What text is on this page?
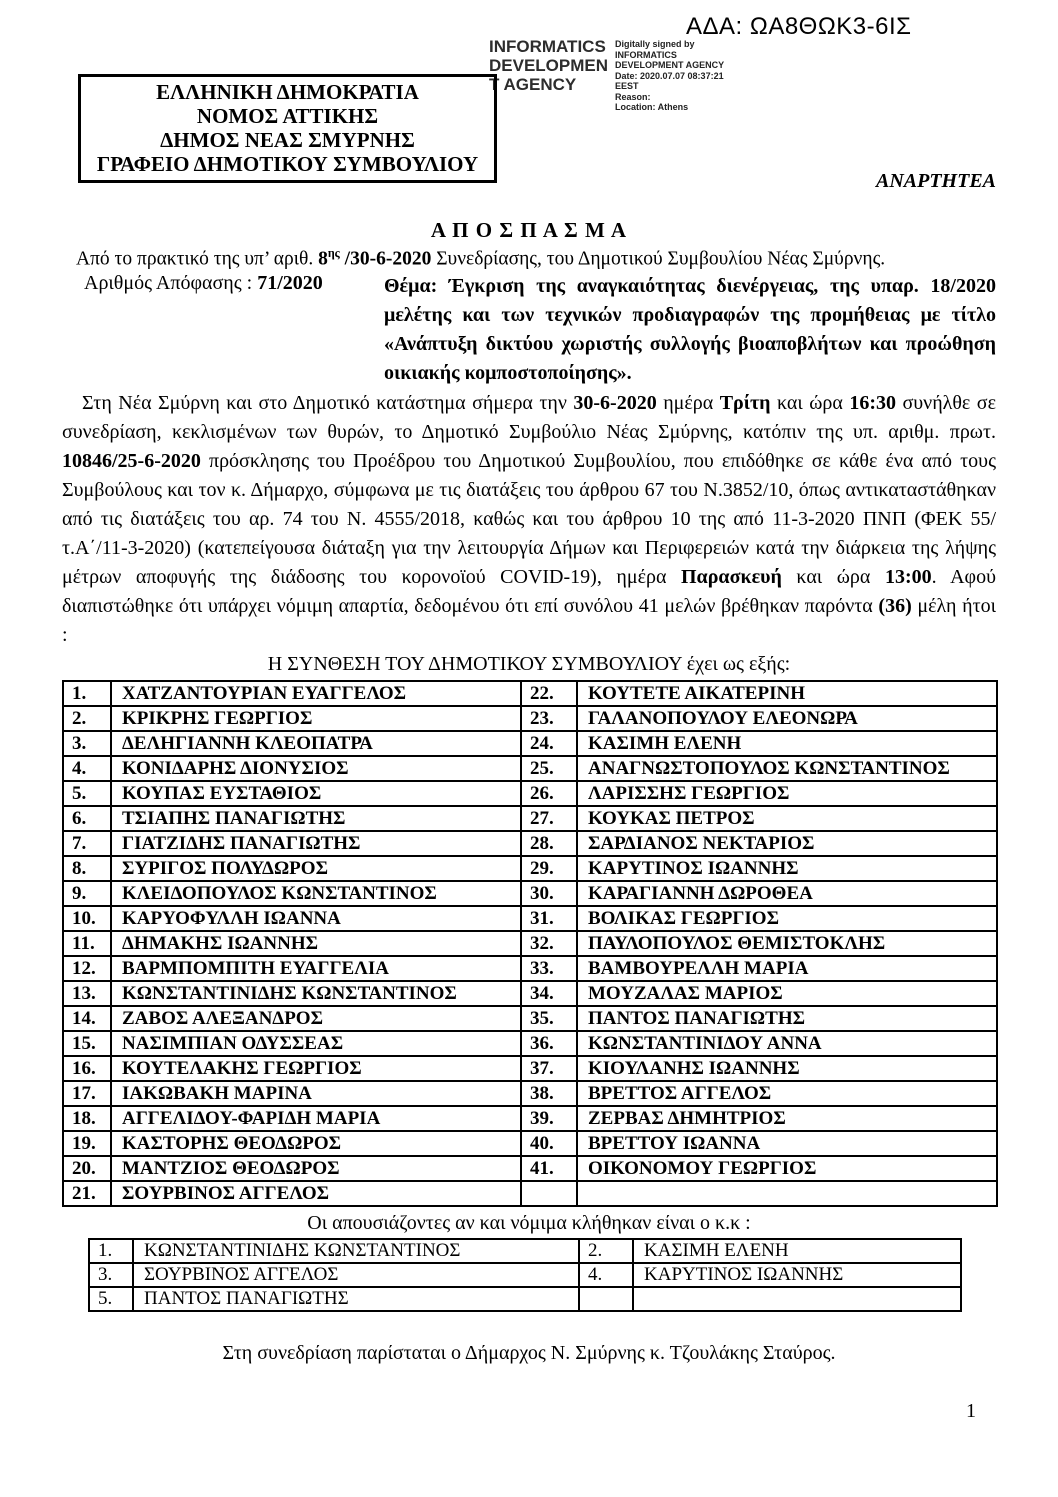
ΑΔΑ: ΩΑ8ΘΩΚ3-6ΙΣ
INFORMATICS
DEVELOPMEN
T AGENCY
Digitally signed by
INFORMATICS
DEVELOPMENT AGENCY
Date: 2020.07.07 08:37:21
EEST
Reason:
Location: Athens
ΕΛΛΗΝΙΚΗ ΔΗΜΟΚΡΑΤΙΑ
ΝΟΜΟΣ ΑΤΤΙΚΗΣ
ΔΗΜΟΣ ΝΕΑΣ ΣΜΥΡΝΗΣ
ΓΡΑΦΕΙΟ ΔΗΜΟΤΙΚΟΥ ΣΥΜΒΟΥΛΙΟΥ
ΑΝΑΡΤΗΤΕΑ
Α Π Ο Σ Π Α Σ Μ Α
Από το πρακτικό της υπ’ αριθ. $8^{\eta\varsigma}$ /30-6-2020 Συνεδρίασης, του Δημοτικού Συμβουλίου Νέας Σμύρνης.
Αριθμός Απόφασης : 71/2020	Θέμα: Έγκριση της αναγκαιότητας διενέργειας, της υπαρ. 18/2020 μελέτης και των τεχνικών προδιαγραφών της προμήθειας με τίτλο «Ανάπτυξη δικτύου χωριστής συλλογής βιοαποβλήτων και προώθηση οικιακής κομποστοποίησης».
Στη Νέα Σμύρνη και στο Δημοτικό κατάστημα σήμερα την 30-6-2020 ημέρα Τρίτη και ώρα 16:30 συνήλθε σε συνεδρίαση, κεκλισμένων των θυρών, το Δημοτικό Συμβούλιο Νέας Σμύρνης, κατόπιν της υπ. αριθμ. πρωτ. 10846/25-6-2020 πρόσκλησης του Προέδρου του Δημοτικού Συμβουλίου, που επιδόθηκε σε κάθε ένα από τους Συμβούλους και τον κ. Δήμαρχο, σύμφωνα με τις διατάξεις του άρθρου 67 του Ν.3852/10, όπως αντικαταστάθηκαν από τις διατάξεις του αρ. 74 του Ν. 4555/2018, καθώς και του άρθρου 10 της από 11-3-2020 ΠΝΠ (ΦΕΚ 55/τ.Α΄/11-3-2020) (κατεπείγουσα διάταξη για την λειτουργία Δήμων και Περιφερειών κατά την διάρκεια της λήψης μέτρων αποφυγής της διάδοσης του κορονοϊού COVID-19), ημέρα Παρασκευή και ώρα 13:00. Αφού διαπιστώθηκε ότι υπάρχει νόμιμη απαρτία, δεδομένου ότι επί συνόλου 41 μελών βρέθηκαν παρόντα (36) μέλη ήτοι :
Η ΣΥΝΘΕΣΗ ΤΟΥ ΔΗΜΟΤΙΚΟΥ ΣΥΜΒΟΥΛΙΟΥ έχει ως εξής:
1.	ΧΑΤΖΑΝΤΟΥΡΙΑΝ ΕΥΑΓΓΕΛΟΣ	22.	ΚΟΥΤΕΤΕ ΑΙΚΑΤΕΡΙΝΗ
2.	ΚΡΙΚΡΗΣ ΓΕΩΡΓΙΟΣ	23.	ΓΑΛΑΝΟΠΟΥΛΟΥ ΕΛΕΟΝΩΡΑ
3.	ΔΕΛΗΓΙΑΝΝΗ ΚΛΕΟΠΑΤΡΑ	24.	ΚΑΣΙΜΗ ΕΛΕΝΗ
4.	ΚΟΝΙΔΑΡΗΣ ΔΙΟΝΥΣΙΟΣ	25.	ΑΝΑΓΝΩΣΤΟΠΟΥΛΟΣ ΚΩΝΣΤΑΝΤΙΝΟΣ
5.	ΚΟΥΠΑΣ ΕΥΣΤΑΘΙΟΣ	26.	ΛΑΡΙΣΣΗΣ ΓΕΩΡΓΙΟΣ
6.	ΤΣΙΑΠΗΣ ΠΑΝΑΓΙΩΤΗΣ	27.	ΚΟΥΚΑΣ ΠΕΤΡΟΣ
7.	ΓΙΑΤΖΙΔΗΣ ΠΑΝΑΓΙΩΤΗΣ	28.	ΣΑΡΔΙΑΝΟΣ ΝΕΚΤΑΡΙΟΣ
8.	ΣΥΡΙΓΟΣ ΠΟΛΥΔΩΡΟΣ	29.	ΚΑΡΥΤΙΝΟΣ ΙΩΑΝΝΗΣ
9.	ΚΛΕΙΔΟΠΟΥΛΟΣ ΚΩΝΣΤΑΝΤΙΝΟΣ	30.	ΚΑΡΑΓΙΑΝΝΗ ΔΩΡΟΘΕΑ
10.	ΚΑΡΥΟΦΥΛΛΗ ΙΩΑΝΝΑ	31.	ΒΟΛΙΚΑΣ ΓΕΩΡΓΙΟΣ
11.	ΔΗΜΑΚΗΣ ΙΩΑΝΝΗΣ	32.	ΠΑΥΛΟΠΟΥΛΟΣ ΘΕΜΙΣΤΟΚΛΗΣ
12.	ΒΑΡΜΠΟΜΠΙΤΗ ΕΥΑΓΓΕΛΙΑ	33.	ΒΑΜΒΟΥΡΕΛΛΗ ΜΑΡΙΑ
13.	ΚΩΝΣΤΑΝΤΙΝΙΔΗΣ ΚΩΝΣΤΑΝΤΙΝΟΣ	34.	ΜΟΥΖΑΛΑΣ ΜΑΡΙΟΣ
14.	ΖΑΒΟΣ ΑΛΕΞΑΝΔΡΟΣ	35.	ΠΑΝΤΟΣ ΠΑΝΑΓΙΩΤΗΣ
15.	ΝΑΣΙΜΠΙΑΝ ΟΔΥΣΣΕΑΣ	36.	ΚΩΝΣΤΑΝΤΙΝΙΔΟΥ ΑΝΝΑ
16.	ΚΟΥΤΕΛΑΚΗΣ ΓΕΩΡΓΙΟΣ	37.	ΚΙΟΥΛΑΝΗΣ ΙΩΑΝΝΗΣ
17.	ΙΑΚΩΒΑΚΗ ΜΑΡΙΝΑ	38.	ΒΡΕΤΤΟΣ ΑΓΓΕΛΟΣ
18.	ΑΓΓΕΛΙΔΟΥ-ΦΑΡΙΔΗ ΜΑΡΙΑ	39.	ΖΕΡΒΑΣ ΔΗΜΗΤΡΙΟΣ
19.	ΚΑΣΤΟΡΗΣ ΘΕΟΔΩΡΟΣ	40.	ΒΡΕΤΤΟΥ ΙΩΑΝΝΑ
20.	ΜΑΝΤΖΙΟΣ ΘΕΟΔΩΡΟΣ	41.	ΟΙΚΟΝΟΜΟΥ ΓΕΩΡΓΙΟΣ
21.	ΣΟΥΡΒΙΝΟΣ ΑΓΓΕΛΟΣ		
Οι απουσιάζοντες αν και νόμιμα κλήθηκαν είναι ο κ.κ :
1.	ΚΩΝΣΤΑΝΤΙΝΙΔΗΣ ΚΩΝΣΤΑΝΤΙΝΟΣ	2.	ΚΑΣΙΜΗ ΕΛΕΝΗ
3.	ΣΟΥΡΒΙΝΟΣ ΑΓΓΕΛΟΣ	4.	ΚΑΡΥΤΙΝΟΣ ΙΩΑΝΝΗΣ
5.	ΠΑΝΤΟΣ ΠΑΝΑΓΙΩΤΗΣ		
Στη συνεδρίαση παρίσταται ο Δήμαρχος Ν. Σμύρνης κ. Τζουλάκης Σταύρος.
1
